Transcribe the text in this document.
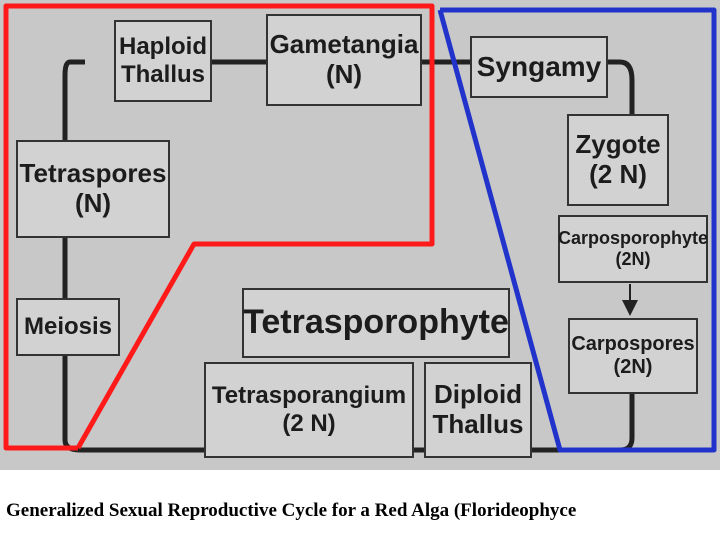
Haploid
Thallus
Gametangia
(N)	Syngamy
Zygote
(2 N)
Carposporophyte
(2N)
Carpospores
(2N)
Tetraspores
(N)
Meiosis	Tetrasporophyte
Tetrasporangium
(2 N)
Diploid
Thallus
Generalized Sexual Reproductive Cycle for a Red Alga (Florideophyce
